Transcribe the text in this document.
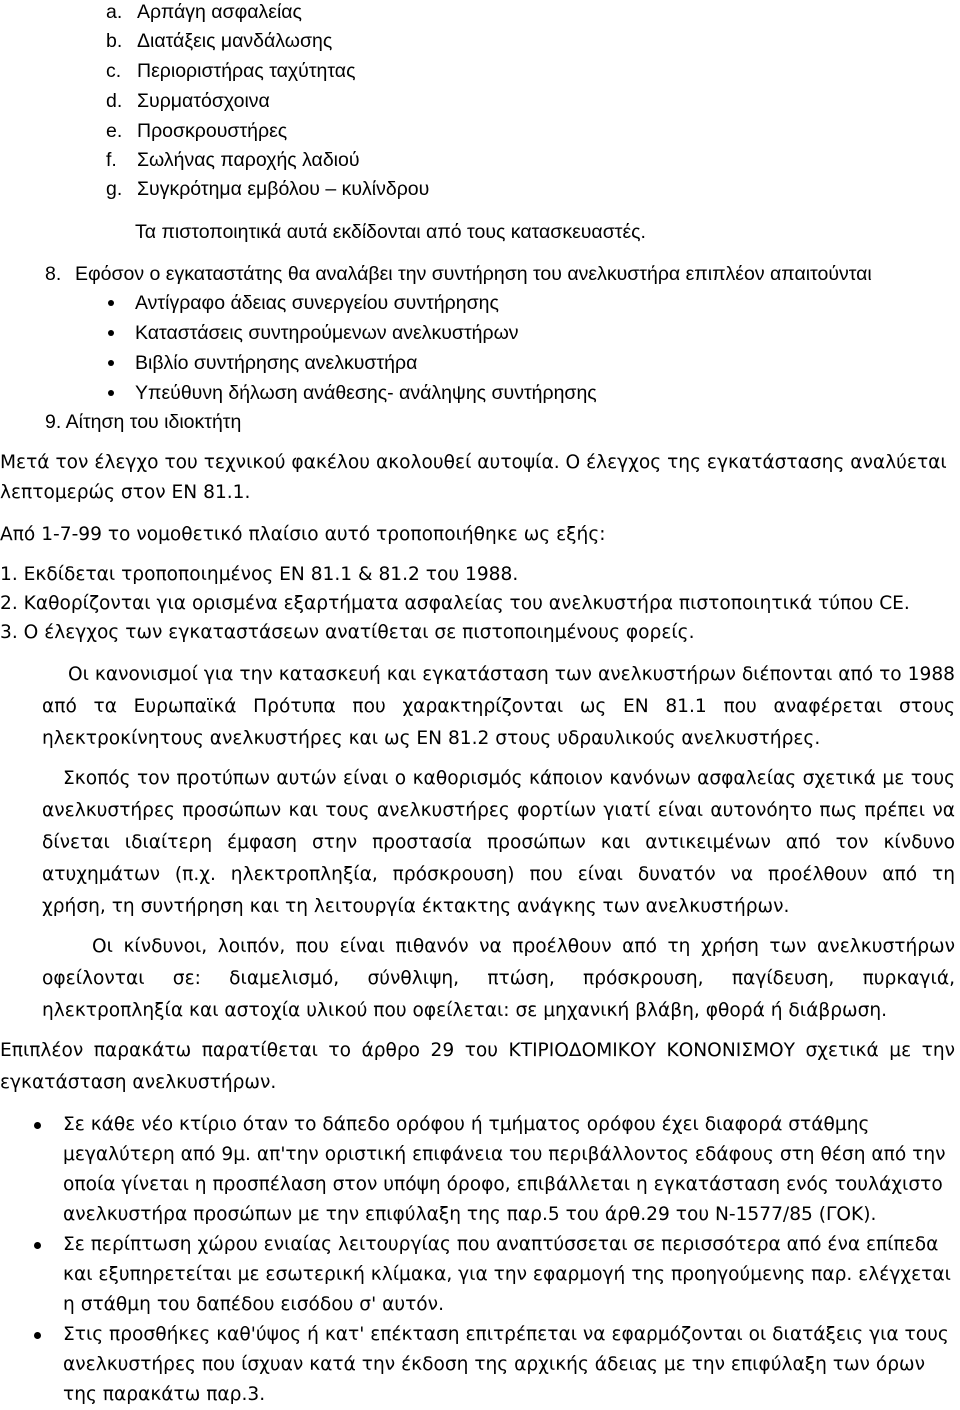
a. Αρπάγη ασφαλείας
b. Διατάξεις μανδάλωσης
c. Περιοριστήρας ταχύτητας
d. Συρματόσχοινα
e. Προσκρουστήρες
f. Σωλήνας παροχής λαδιού
g. Συγκρότημα εμβόλου – κυλίνδρου
Τα πιστοποιητικά αυτά εκδίδονται από τους κατασκευαστές.
8. Εφόσον ο εγκαταστάτης θα αναλάβει την συντήρηση του ανελκυστήρα επιπλέον απαιτούνται
Αντίγραφο άδειας συνεργείου συντήρησης
Καταστάσεις συντηρούμενων ανελκυστήρων
Βιβλίο συντήρησης ανελκυστήρα
Υπεύθυνη δήλωση ανάθεσης- ανάληψης συντήρησης
9. Αίτηση του ιδιοκτήτη
Μετά τον έλεγχο του τεχνικού φακέλου ακολουθεί αυτοψία. Ο έλεγχος της εγκατάστασης αναλύεται
λεπτομερώς στον ΕΝ 81.1.
Από 1-7-99 το νομοθετικό πλαίσιο αυτό τροποποιήθηκε ως εξής:
1. Εκδίδεται τροποποιημένος ΕΝ 81.1 & 81.2 του 1988.
2. Καθορίζονται για ορισμένα εξαρτήματα ασφαλείας του ανελκυστήρα πιστοποιητικά τύπου CE.
3. Ο έλεγχος των εγκαταστάσεων ανατίθεται σε πιστοποιημένους φορείς.
Οι κανονισμοί για την κατασκευή και εγκατάσταση των ανελκυστήρων διέπονται από το 1988
από τα Ευρωπαϊκά Πρότυπα που χαρακτηρίζονται ως ΕΝ 81.1 που αναφέρεται στους
ηλεκτροκίνητους ανελκυστήρες και ως ΕΝ 81.2 στους υδραυλικούς ανελκυστήρες.
Σκοπός τον προτύπων αυτών είναι ο καθορισμός κάποιον κανόνων ασφαλείας σχετικά με τους
ανελκυστήρες προσώπων και τους ανελκυστήρες φορτίων γιατί είναι αυτονόητο πως πρέπει να
δίνεται ιδιαίτερη έμφαση στην προστασία προσώπων και αντικειμένων από τον κίνδυνο
ατυχημάτων (π.χ. ηλεκτροπληξία, πρόσκρουση) που είναι δυνατόν να προέλθουν από τη
χρήση, τη συντήρηση και τη λειτουργία έκτακτης ανάγκης των ανελκυστήρων.
Οι κίνδυνοι, λοιπόν, που είναι πιθανόν να προέλθουν από τη χρήση των ανελκυστήρων
οφείλονται σε: διαμελισμό, σύνθλιψη, πτώση, πρόσκρουση, παγίδευση, πυρκαγιά,
ηλεκτροπληξία και αστοχία υλικού που οφείλεται: σε μηχανική βλάβη, φθορά ή διάβρωση.
Επιπλέον παρακάτω παρατίθεται το άρθρο 29 του ΚΤΙΡΙΟΔΟΜΙΚΟΥ ΚΟΝΟΝΙΣΜΟΥ σχετικά με την
εγκατάσταση ανελκυστήρων.
Σε κάθε νέο κτίριο όταν το δάπεδο ορόφου ή τμήματος ορόφου έχει διαφορά στάθμης
μεγαλύτερη από 9μ. απ'την οριστική επιφάνεια του περιβάλλοντος εδάφους στη θέση από την
οποία γίνεται η προσπέλαση στον υπόψη όροφο, επιβάλλεται η εγκατάσταση ενός τουλάχιστο
ανελκυστήρα προσώπων με την επιφύλαξη της παρ.5 του άρθ.29 του Ν-1577/85 (ΓΟΚ).
Σε περίπτωση χώρου ενιαίας λειτουργίας που αναπτύσσεται σε περισσότερα από ένα επίπεδα
και εξυπηρετείται με εσωτερική κλίμακα, για την εφαρμογή της προηγούμενης παρ. ελέγχεται
η στάθμη του δαπέδου εισόδου σ' αυτόν.
Στις προσθήκες καθ'ύψος ή κατ' επέκταση επιτρέπεται να εφαρμόζονται οι διατάξεις για τους
ανελκυστήρες που ίσχυαν κατά την έκδοση της αρχικής άδειας με την επιφύλαξη των όρων
της παρακάτω παρ.3.
